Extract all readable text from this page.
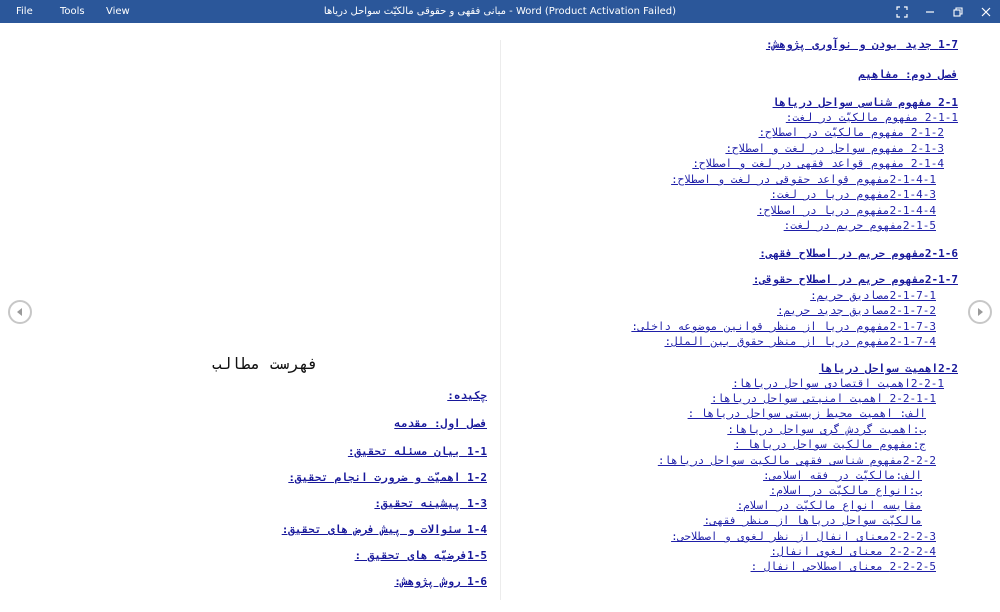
File	Tools View	مبانی فقهی و حقوقی مالکیّت سواحل دریاها - Word (Product Activation Failed)
فهرست مطالب
چکیده:
فصل اول: مقدمه
1-1 بیان مسئله تحقیق:
1-2 اهمیّت و ضرورت انجام تحقیق:
1-3 پیشینه تحقیق:
1-4 سئوالات و پیش فرض های تحقیق:
1-5فرضیّه های تحقیق :
1-6 روش پژوهش:
1-7 جدید بودن و نوآوری پژوهش:
فصل دوم: مفاهیم
2-1 مفهوم شناسی سواحل دریاها
2-1-1 مفهوم مالکیّت در لغت:
2-1-2 مفهوم مالکیّت در اصطلاح:
2-1-3 مفهوم سواحل در لغت و اصطلاح:
2-1-4 مفهوم قواعد فقهی در لغت و اصطلاح:
2-1-4-1مفهوم قواعد حقوقی در لغت و اصطلاح:
2-1-4-3مفهوم دریا در لغت:
2-1-4-4مفهوم دریا در اصطلاح:
2-1-5مفهوم حریم در لغت:
2-1-6مفهوم حریم در اصطلاح فقهی:
2-1-7مفهوم حریم در اصطلاح حقوقی:
2-1-7-1مصادیق حریم:
2-1-7-2مصادیق جدید حریم:
2-1-7-3مفهوم دریا از منظر قوانین موضوعه داخلی:
2-1-7-4مفهوم دریا از منظر حقوق بین الملل:
2-2اهمیت سواحل دریاها
2-2-1اهمیت اقتصادی سواحل دریاها:
2-2-1-1 اهمیت امنیتی سواحل دریاها:
الف: اهمیت محیط زیستی سواحل دریاها :
ب:اهمیت گردش گری سواحل دریاها:
ج:مفهوم مالکیت سواحل دریاها :
2-2-2مفهوم شناسی فقهی مالکیت سواحل دریاها:
الف:مالکیّت در فقه اسلامی:
ب:انواع مالکیّت در اسلام:
مقایسه انواع مالکیّت در اسلام:
مالکیّت سواحل دریاها از منظر فقهی:
2-2-2-3معنای انفال از نظر لغوی و اصطلاحی:
2-2-2-4 معنای لغوی انفال:
2-2-2-5 معنای اصطلاحی انفال :
